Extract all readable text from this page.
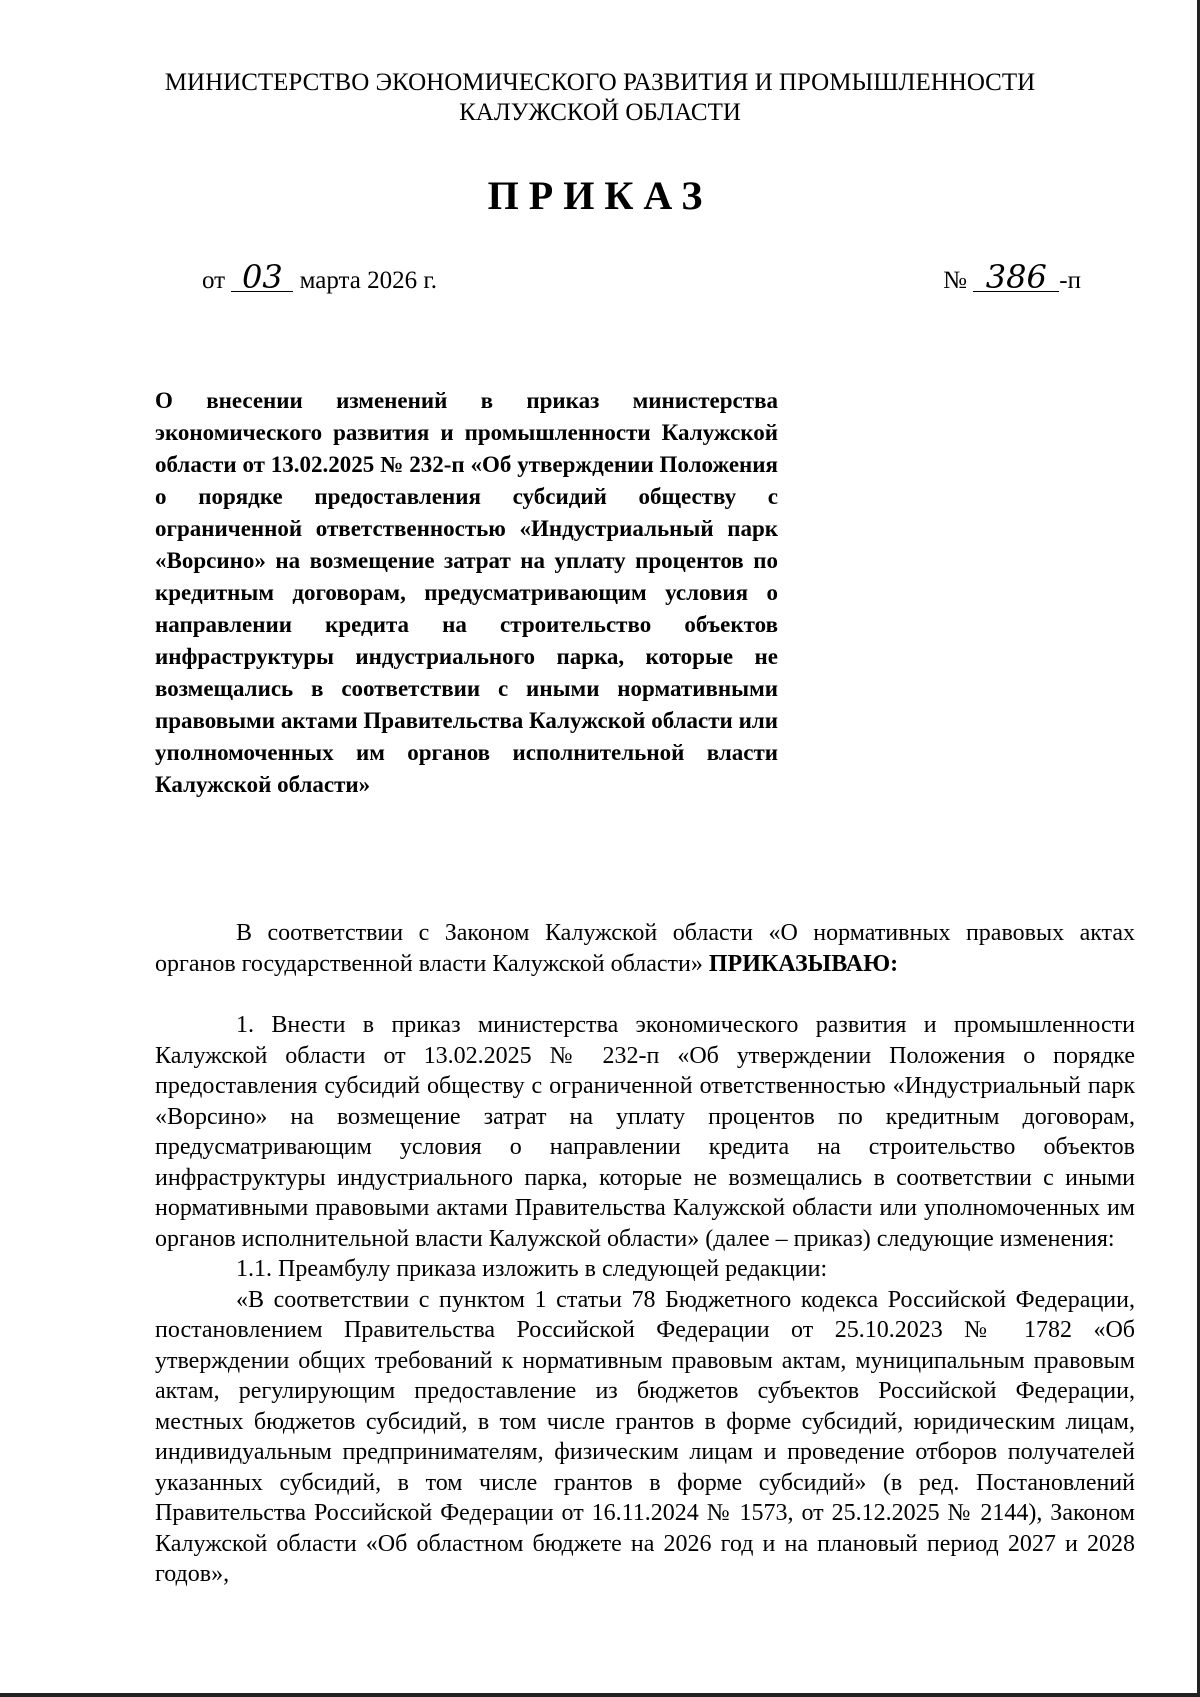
МИНИСТЕРСТВО ЭКОНОМИЧЕСКОГО РАЗВИТИЯ И ПРОМЫШЛЕННОСТИ
КАЛУЖСКОЙ ОБЛАСТИ
ПРИКАЗ
от 03 марта 2026 г.	№ 386 -п
О внесении изменений в приказ министерства экономического развития и промышленности Калужской области от 13.02.2025 № 232-п «Об утверждении Положения о порядке предоставления субсидий обществу с ограниченной ответственностью «Индустриальный парк «Ворсино» на возмещение затрат на уплату процентов по кредитным договорам, предусматривающим условия о направлении кредита на строительство объектов инфраструктуры индустриального парка, которые не возмещались в соответствии с иными нормативными правовыми актами Правительства Калужской области или уполномоченных им органов исполнительной власти Калужской области»
В соответствии с Законом Калужской области «О нормативных правовых актах органов государственной власти Калужской области» ПРИКАЗЫВАЮ:
1. Внести в приказ министерства экономического развития и промышленности Калужской области от 13.02.2025 № 232-п «Об утверждении Положения о порядке предоставления субсидий обществу с ограниченной ответственностью «Индустриальный парк «Ворсино» на возмещение затрат на уплату процентов по кредитным договорам, предусматривающим условия о направлении кредита на строительство объектов инфраструктуры индустриального парка, которые не возмещались в соответствии с иными нормативными правовыми актами Правительства Калужской области или уполномоченных им органов исполнительной власти Калужской области» (далее – приказ) следующие изменения:
1.1. Преамбулу приказа изложить в следующей редакции:
«В соответствии с пунктом 1 статьи 78 Бюджетного кодекса Российской Федерации, постановлением Правительства Российской Федерации от 25.10.2023 № 1782 «Об утверждении общих требований к нормативным правовым актам, муниципальным правовым актам, регулирующим предоставление из бюджетов субъектов Российской Федерации, местных бюджетов субсидий, в том числе грантов в форме субсидий, юридическим лицам, индивидуальным предпринимателям, физическим лицам и проведение отборов получателей указанных субсидий, в том числе грантов в форме субсидий» (в ред. Постановлений Правительства Российской Федерации от 16.11.2024 № 1573, от 25.12.2025 № 2144), Законом Калужской области «Об областном бюджете на 2026 год и на плановый период 2027 и 2028 годов»,
